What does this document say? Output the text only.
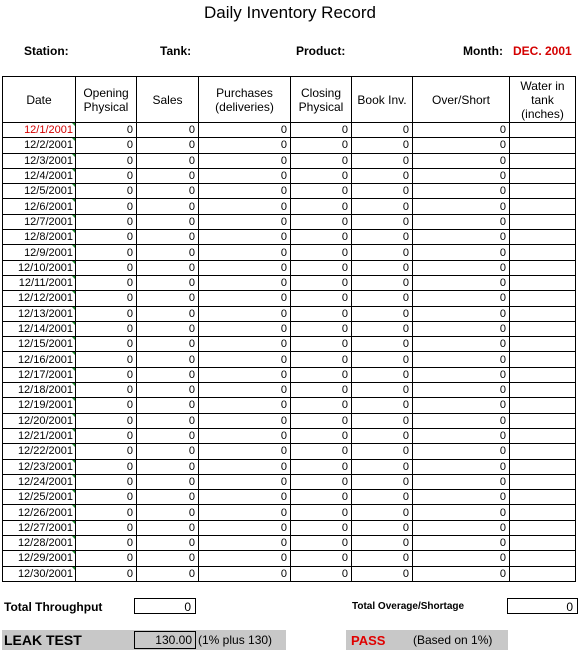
Daily Inventory Record
Station:	Tank:	Product:	Month: DEC. 2001
Date	Opening Physical	Sales	Purchases (deliveries)	Closing Physical	Book Inv.	Over/Short	Water in tank (inches)
12/1/2001	0	0	0	0	0	0	
12/2/2001	0	0	0	0	0	0	
12/3/2001	0	0	0	0	0	0	
12/4/2001	0	0	0	0	0	0	
12/5/2001	0	0	0	0	0	0	
12/6/2001	0	0	0	0	0	0	
12/7/2001	0	0	0	0	0	0	
12/8/2001	0	0	0	0	0	0	
12/9/2001	0	0	0	0	0	0	
12/10/2001	0	0	0	0	0	0	
12/11/2001	0	0	0	0	0	0	
12/12/2001	0	0	0	0	0	0	
12/13/2001	0	0	0	0	0	0	
12/14/2001	0	0	0	0	0	0	
12/15/2001	0	0	0	0	0	0	
12/16/2001	0	0	0	0	0	0	
12/17/2001	0	0	0	0	0	0	
12/18/2001	0	0	0	0	0	0	
12/19/2001	0	0	0	0	0	0	
12/20/2001	0	0	0	0	0	0	
12/21/2001	0	0	0	0	0	0	
12/22/2001	0	0	0	0	0	0	
12/23/2001	0	0	0	0	0	0	
12/24/2001	0	0	0	0	0	0	
12/25/2001	0	0	0	0	0	0	
12/26/2001	0	0	0	0	0	0	
12/27/2001	0	0	0	0	0	0	
12/28/2001	0	0	0	0	0	0	
12/29/2001	0	0	0	0	0	0	
12/30/2001	0	0	0	0	0	0	
Total Throughput	0	Total Overage/Shortage	0
LEAK TEST	130.00 (1% plus 130)	PASS (Based on 1%)
